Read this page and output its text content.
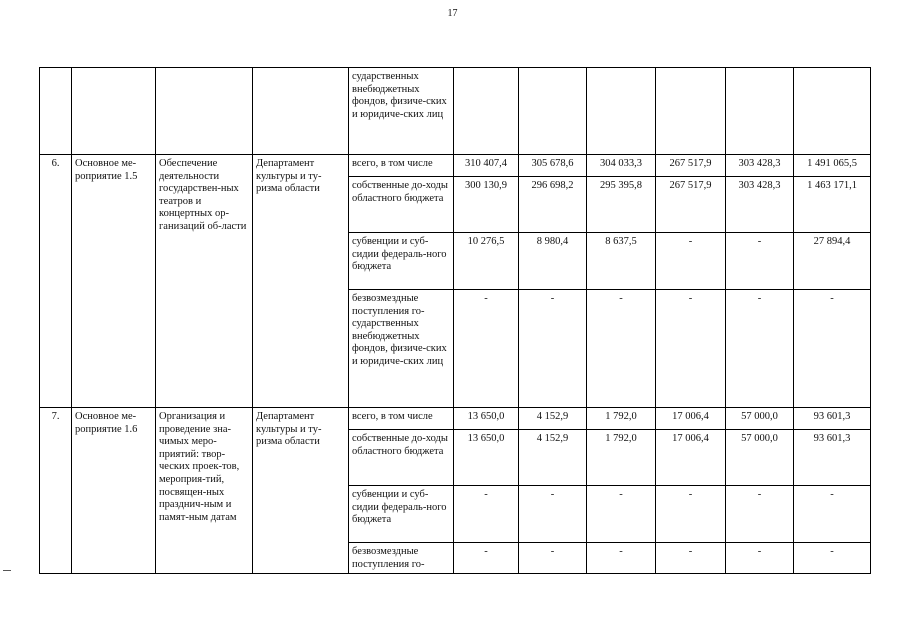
17
				сударственных внебюджетных фондов, физиче-ских и юридиче-ских лиц						
6.	Основное ме-роприятие 1.5	Обеспечение деятельности государствен-ных театров и концертных ор-ганизаций об-ласти	Департамент культуры и ту-ризма области	всего, в том числе	310 407,4	305 678,6	304 033,3	267 517,9	303 428,3	1 491 065,5
				собственные до-ходы областного бюджета	300 130,9	296 698,2	295 395,8	267 517,9	303 428,3	1 463 171,1
				субвенции и суб-сидии федераль-ного бюджета	10 276,5	8 980,4	8 637,5	-	-	27 894,4
				безвозмездные поступления го-сударственных внебюджетных фондов, физиче-ских и юридиче-ских лиц	-	-	-	-	-	-
7.	Основное ме-роприятие 1.6	Организация и проведение зна-чимых меро-приятий: твор-ческих проек-тов, мероприя-тий, посвящен-ных празднич-ным и памят-ным датам	Департамент культуры и ту-ризма области	всего, в том числе	13 650,0	4 152,9	1 792,0	17 006,4	57 000,0	93 601,3
				собственные до-ходы областного бюджета	13 650,0	4 152,9	1 792,0	17 006,4	57 000,0	93 601,3
				субвенции и суб-сидии федераль-ного бюджета	-	-	-	-	-	-
				безвозмездные поступления го-	-	-	-	-	-	-
